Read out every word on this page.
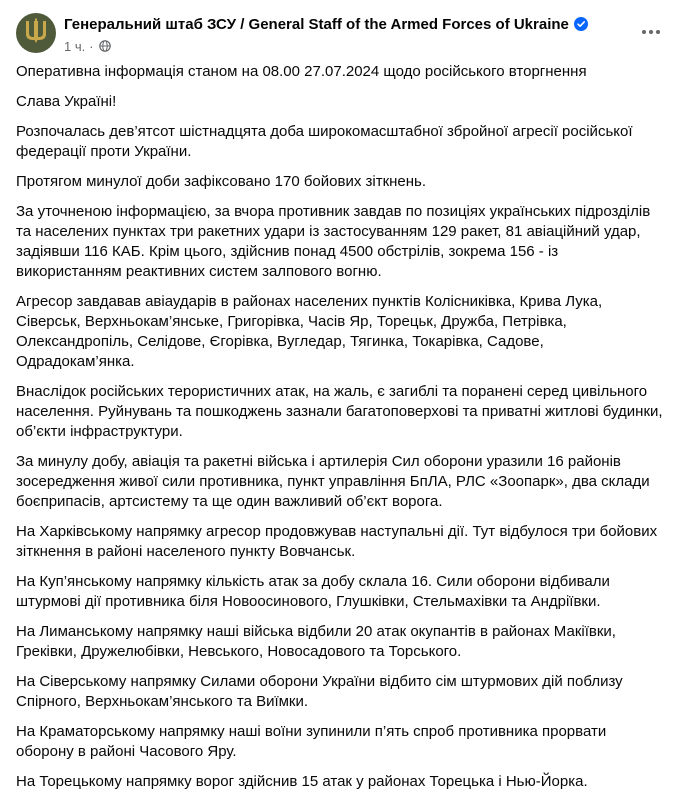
Генеральний штаб ЗСУ / General Staff of the Armed Forces of Ukraine
1 ч. ·

Оперативна інформація станом на 08.00 27.07.2024 щодо російського вторгнення

Слава Україні!

Розпочалась дев’ятсот шістнадцята доба широкомасштабної збройної агресії російської федерації проти України.

Протягом минулої доби зафіксовано 170 бойових зіткнень.

За уточненою інформацією, за вчора противник завдав по позиціях українських підрозділів та населених пунктах три ракетних удари із застосуванням 129 ракет, 81 авіаційний удар, задіявши 116 КАБ. Крім цього, здійснив понад 4500 обстрілів, зокрема 156 - із використанням реактивних систем залпового вогню.

Агресор завдавав авіаударів в районах населених пунктів Колісниківка, Крива Лука, Сіверськ, Верхньокам’янське, Григорівка, Часів Яр, Торецьк, Дружба, Петрівка, Олександропіль, Селідове, Єгорівка, Вугледар, Тягинка, Токарівка, Садове, Одрадокам’янка.

Внаслідок російських терористичних атак, на жаль, є загиблі та поранені серед цивільного населення. Руйнувань та пошкоджень зазнали багатоповерхові та приватні житлові будинки, об’єкти інфраструктури.

За минулу добу, авіація та ракетні війська і артилерія Сил оборони уразили 16 районів зосередження живої сили противника, пункт управління БпЛА, РЛС «Зоопарк», два склади боєприпасів, артсистему та ще один важливий об’єкт ворога.

На Харківському напрямку агресор продовжував наступальні дії. Тут відбулося три бойових зіткнення в районі населеного пункту Вовчанськ.

На Куп’янському напрямку кількість атак за добу склала 16. Сили оборони відбивали штурмові дії противника біля Новоосинового, Глушківки, Стельмахівки та Андріївки.

На Лиманському напрямку наші війська відбили 20 атак окупантів в районах Макіївки, Греківки, Дружелюбівки, Невського, Новосадового та Торського.

На Сіверському напрямку Силами оборони України відбито сім штурмових дій поблизу Спірного, Верхньокам’янського та Виїмки.

На Краматорському напрямку наші воїни зупинили п’ять спроб противника прорвати оборону в районі Часового Яру.

На Торецькому напрямку ворог здійснив 15 атак у районах Торецька і Нью-Йорка.
